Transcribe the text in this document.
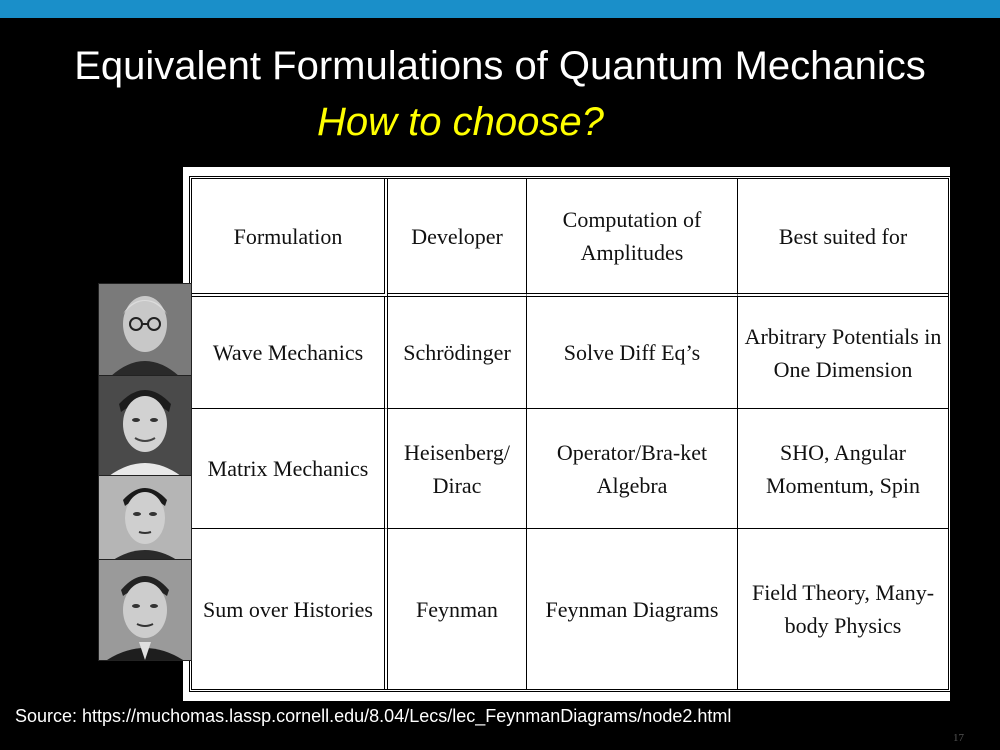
Equivalent Formulations of Quantum Mechanics
How to choose?
Formulation	Developer	Computation of Amplitudes	Best suited for
Wave Mechanics	Schrödinger	Solve Diff Eq’s	Arbitrary Potentials in One Dimension
Matrix Mechanics	Heisenberg/ Dirac	Operator/Bra-ket Algebra	SHO, Angular Momentum, Spin
Sum over Histories	Feynman	Feynman Diagrams	Field Theory, Many-body Physics
Source: https://muchomas.lassp.cornell.edu/8.04/Lecs/lec_FeynmanDiagrams/node2.html
17
